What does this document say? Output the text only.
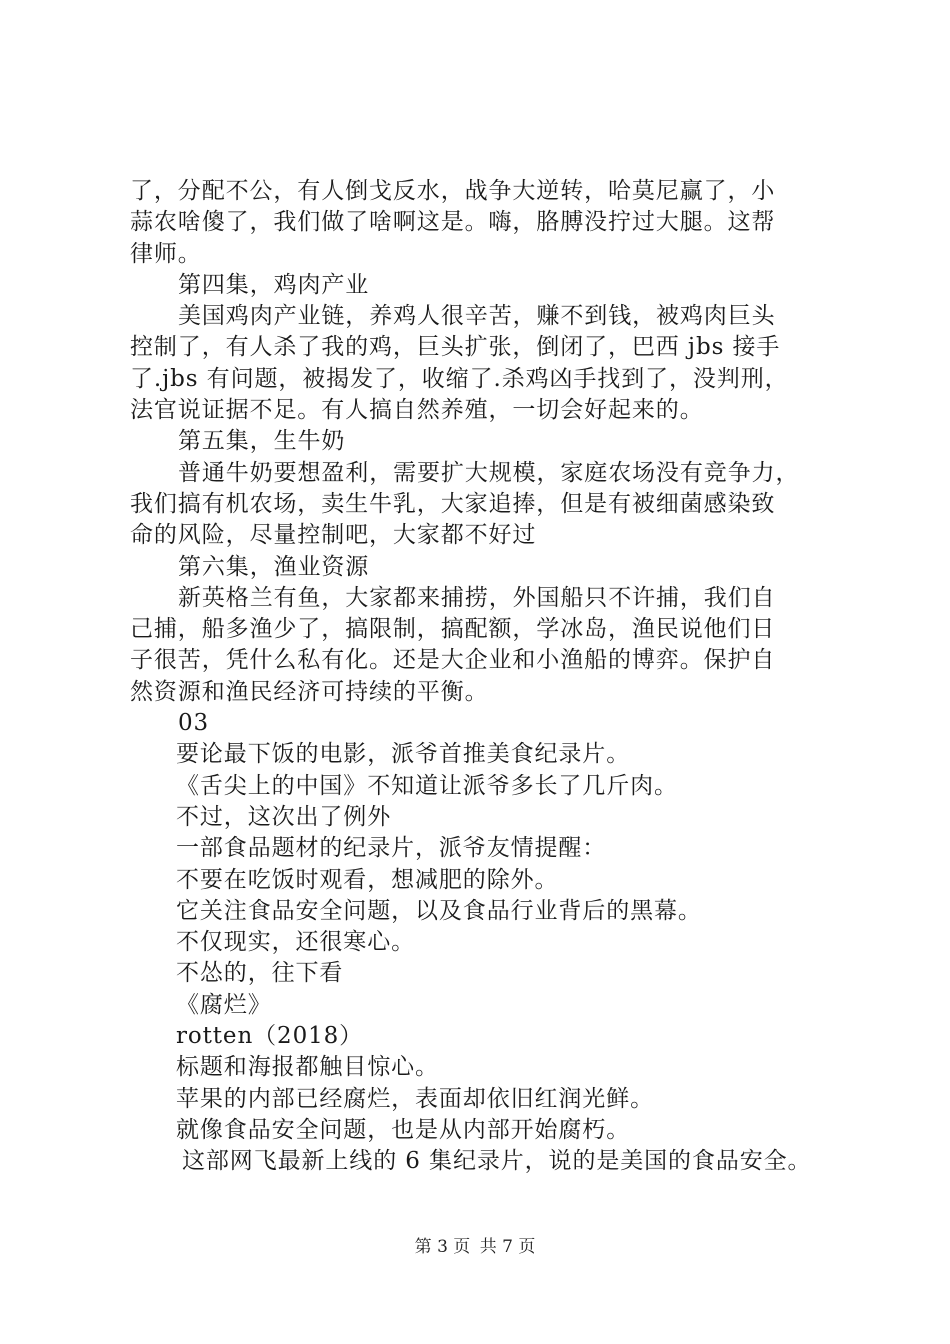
了，分配不公，有人倒戈反水，战争大逆转，哈莫尼赢了，小
蒜农啥傻了，我们做了啥啊这是。嗨，胳膊没拧过大腿。这帮
律师。
第四集，鸡肉产业
美国鸡肉产业链，养鸡人很辛苦，赚不到钱，被鸡肉巨头
控制了，有人杀了我的鸡，巨头扩张，倒闭了，巴西 jbs 接手
了.jbs 有问题，被揭发了，收缩了.杀鸡凶手找到了，没判刑，
法官说证据不足。有人搞自然养殖，一切会好起来的。
第五集，生牛奶
普通牛奶要想盈利，需要扩大规模，家庭农场没有竞争力，
我们搞有机农场，卖生牛乳，大家追捧，但是有被细菌感染致
命的风险，尽量控制吧，大家都不好过
第六集，渔业资源
新英格兰有鱼，大家都来捕捞，外国船只不许捕，我们自
己捕，船多渔少了，搞限制，搞配额，学冰岛，渔民说他们日
子很苦，凭什么私有化。还是大企业和小渔船的博弈。保护自
然资源和渔民经济可持续的平衡。
03
要论最下饭的电影，派爷首推美食纪录片。
《舌尖上的中国》不知道让派爷多长了几斤肉。
不过，这次出了例外
一部食品题材的纪录片，派爷友情提醒：
不要在吃饭时观看，想减肥的除外。
它关注食品安全问题，以及食品行业背后的黑幕。
不仅现实，还很寒心。
不怂的，往下看
《腐烂》
rotten（2018）
标题和海报都触目惊心。
苹果的内部已经腐烂，表面却依旧红润光鲜。
就像食品安全问题，也是从内部开始腐朽。
这部网飞最新上线的 6 集纪录片，说的是美国的食品安全。
第 3 页 共 7 页
